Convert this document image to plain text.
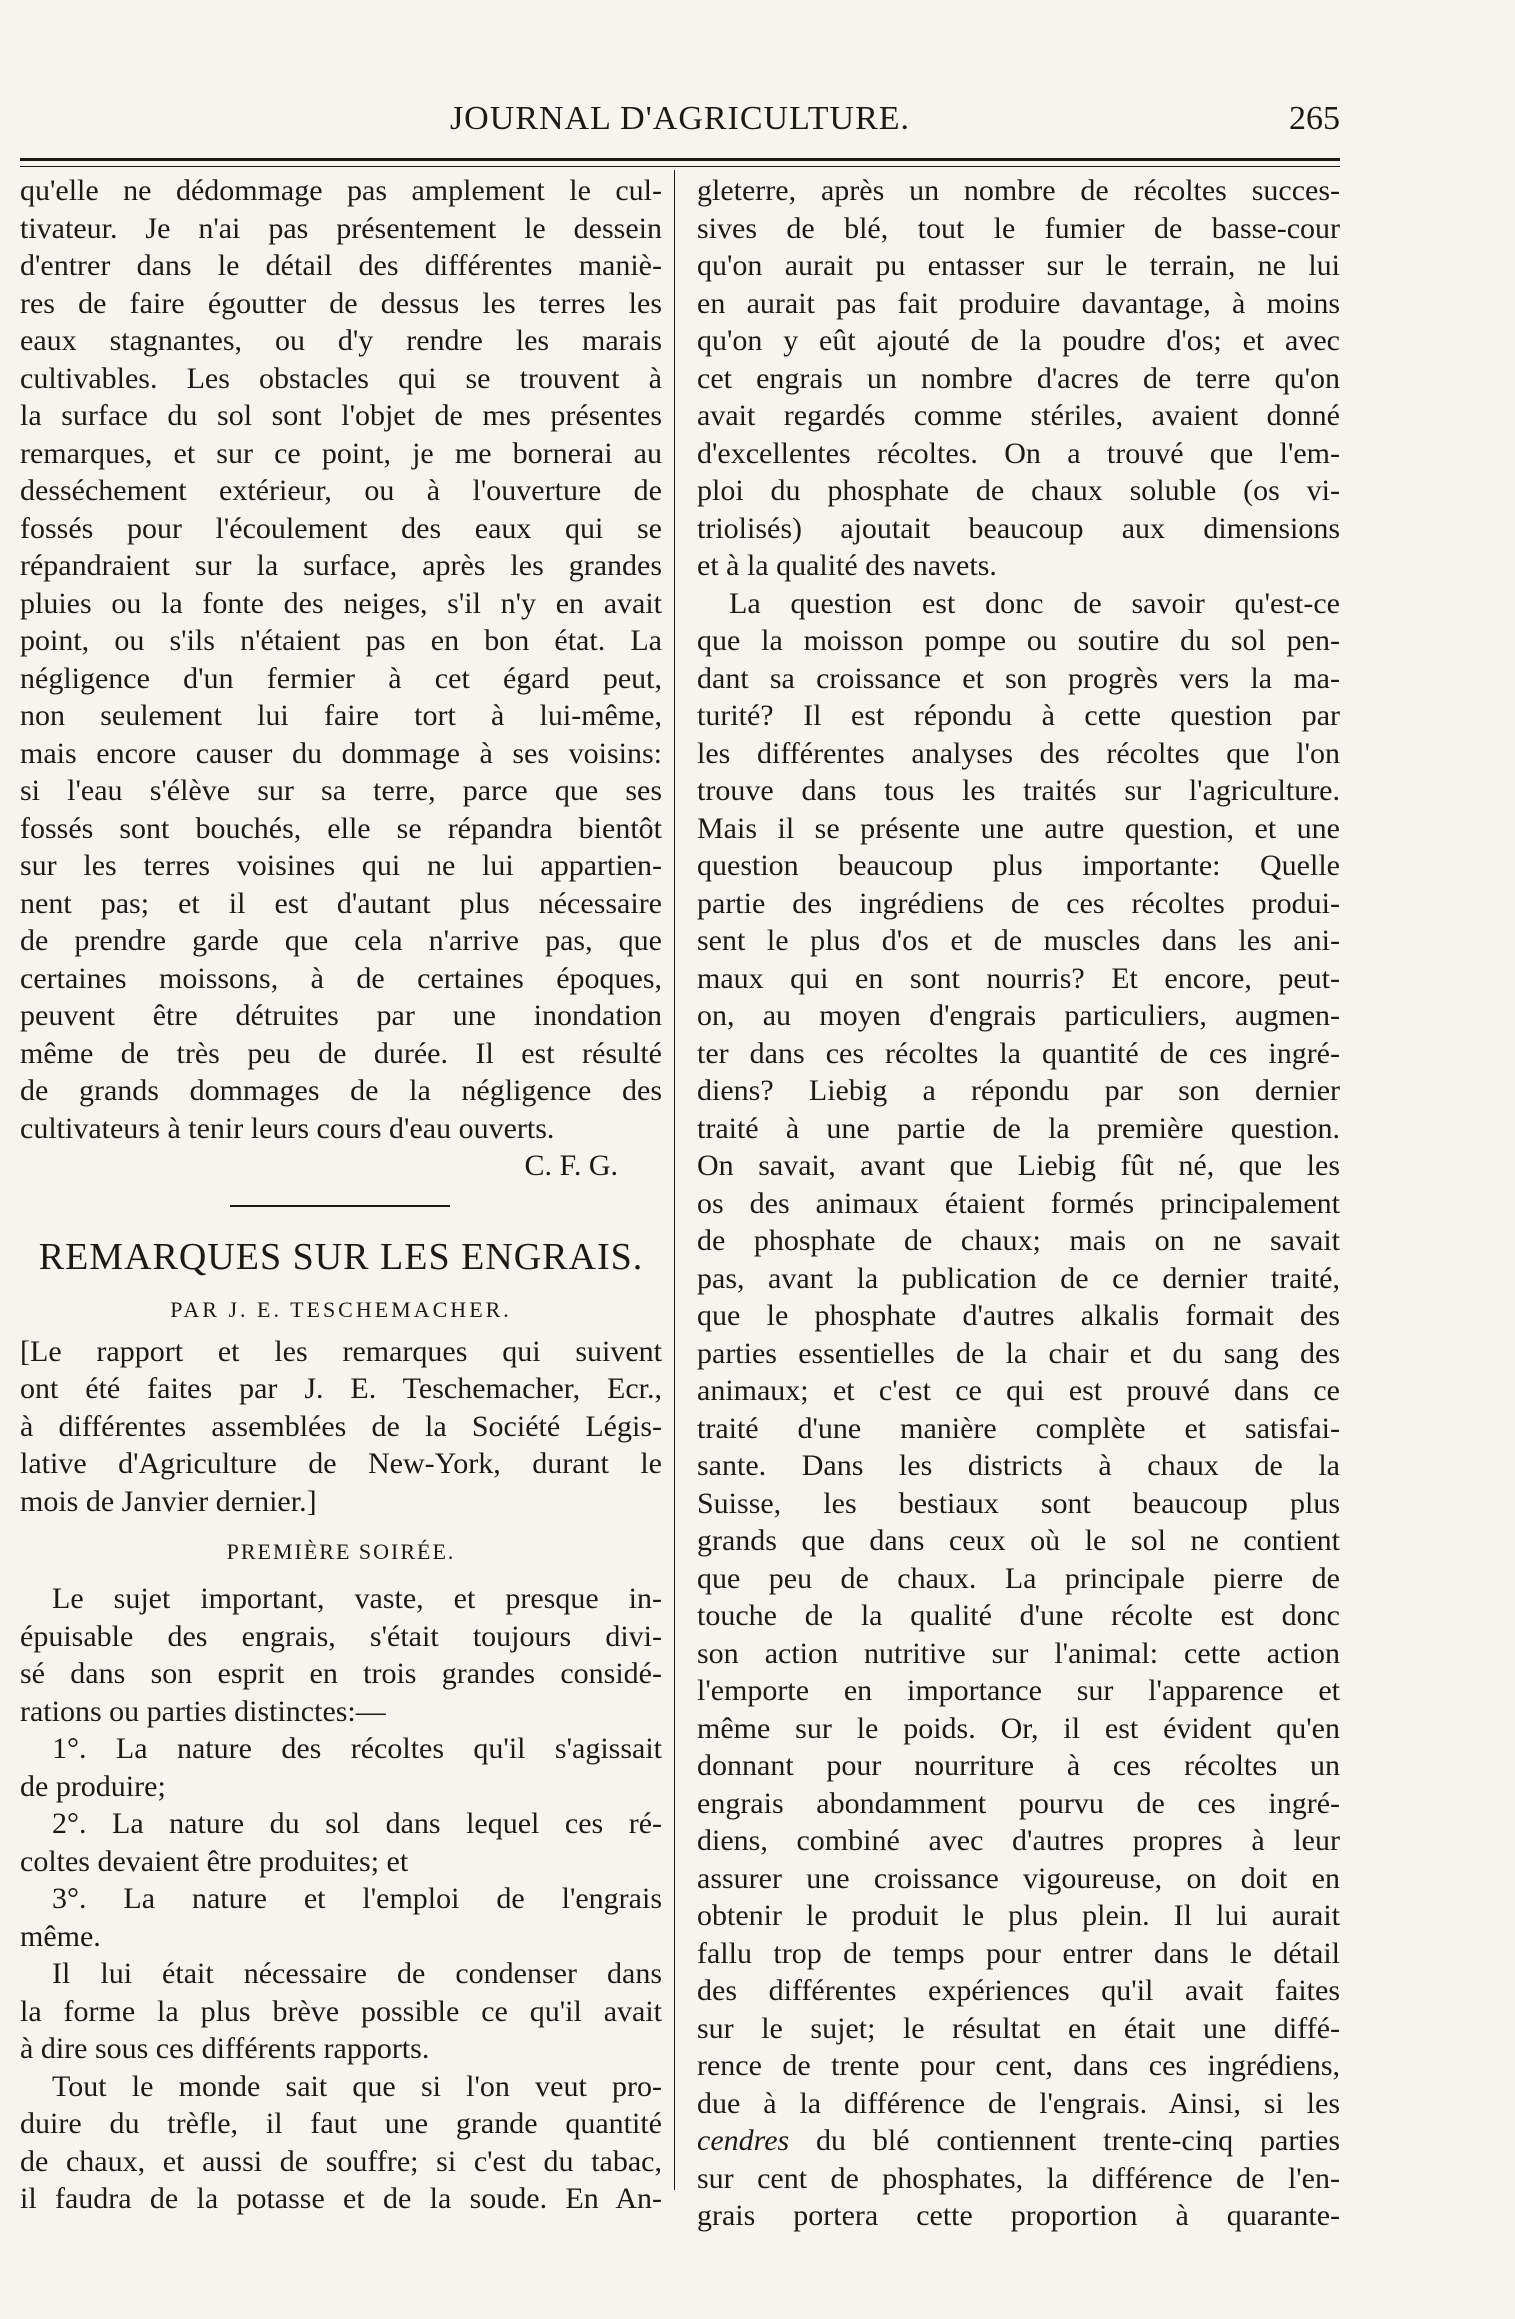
JOURNAL D'AGRICULTURE.	265
qu'elle ne dédommage pas amplement le cul-
tivateur. Je n'ai pas présentement le dessein
d'entrer dans le détail des différentes maniè-
res de faire égoutter de dessus les terres les
eaux stagnantes, ou d'y rendre les marais
cultivables. Les obstacles qui se trouvent à
la surface du sol sont l'objet de mes présentes
remarques, et sur ce point, je me bornerai au
desséchement extérieur, ou à l'ouverture de
fossés pour l'écoulement des eaux qui se
répandraient sur la surface, après les grandes
pluies ou la fonte des neiges, s'il n'y en avait
point, ou s'ils n'étaient pas en bon état. La
négligence d'un fermier à cet égard peut,
non seulement lui faire tort à lui-même,
mais encore causer du dommage à ses voisins:
si l'eau s'élève sur sa terre, parce que ses
fossés sont bouchés, elle se répandra bientôt
sur les terres voisines qui ne lui appartien-
nent pas; et il est d'autant plus nécessaire
de prendre garde que cela n'arrive pas, que
certaines moissons, à de certaines époques,
peuvent être détruites par une inondation
même de très peu de durée. Il est résulté
de grands dommages de la négligence des
cultivateurs à tenir leurs cours d'eau ouverts.
C. F. G.
REMARQUES SUR LES ENGRAIS.
PAR J. E. TESCHEMACHER.
[Le rapport et les remarques qui suivent
ont été faites par J. E. Teschemacher, Ecr.,
à différentes assemblées de la Société Légis-
lative d'Agriculture de New-York, durant le
mois de Janvier dernier.]
PREMIÈRE SOIRÉE.
Le sujet important, vaste, et presque in-
épuisable des engrais, s'était toujours divi-
sé dans son esprit en trois grandes considé-
rations ou parties distinctes:—
1°. La nature des récoltes qu'il s'agissait
de produire;
2°. La nature du sol dans lequel ces ré-
coltes devaient être produites; et
3°. La nature et l'emploi de l'engrais
même.
Il lui était nécessaire de condenser dans
la forme la plus brève possible ce qu'il avait
à dire sous ces différents rapports.
Tout le monde sait que si l'on veut pro-
duire du trèfle, il faut une grande quantité
de chaux, et aussi de souffre; si c'est du tabac,
il faudra de la potasse et de la soude. En An-
gleterre, après un nombre de récoltes succes-
sives de blé, tout le fumier de basse-cour
qu'on aurait pu entasser sur le terrain, ne lui
en aurait pas fait produire davantage, à moins
qu'on y eût ajouté de la poudre d'os; et avec
cet engrais un nombre d'acres de terre qu'on
avait regardés comme stériles, avaient donné
d'excellentes récoltes. On a trouvé que l'em-
ploi du phosphate de chaux soluble (os vi-
triolisés) ajoutait beaucoup aux dimensions
et à la qualité des navets.
La question est donc de savoir qu'est-ce
que la moisson pompe ou soutire du sol pen-
dant sa croissance et son progrès vers la ma-
turité? Il est répondu à cette question par
les différentes analyses des récoltes que l'on
trouve dans tous les traités sur l'agriculture.
Mais il se présente une autre question, et une
question beaucoup plus importante: Quelle
partie des ingrédiens de ces récoltes produi-
sent le plus d'os et de muscles dans les ani-
maux qui en sont nourris? Et encore, peut-
on, au moyen d'engrais particuliers, augmen-
ter dans ces récoltes la quantité de ces ingré-
diens? Liebig a répondu par son dernier
traité à une partie de la première question.
On savait, avant que Liebig fût né, que les
os des animaux étaient formés principalement
de phosphate de chaux; mais on ne savait
pas, avant la publication de ce dernier traité,
que le phosphate d'autres alkalis formait des
parties essentielles de la chair et du sang des
animaux; et c'est ce qui est prouvé dans ce
traité d'une manière complète et satisfai-
sante. Dans les districts à chaux de la
Suisse, les bestiaux sont beaucoup plus
grands que dans ceux où le sol ne contient
que peu de chaux. La principale pierre de
touche de la qualité d'une récolte est donc
son action nutritive sur l'animal: cette action
l'emporte en importance sur l'apparence et
même sur le poids. Or, il est évident qu'en
donnant pour nourriture à ces récoltes un
engrais abondamment pourvu de ces ingré-
diens, combiné avec d'autres propres à leur
assurer une croissance vigoureuse, on doit en
obtenir le produit le plus plein. Il lui aurait
fallu trop de temps pour entrer dans le détail
des différentes expériences qu'il avait faites
sur le sujet; le résultat en était une diffé-
rence de trente pour cent, dans ces ingrédiens,
due à la différence de l'engrais. Ainsi, si les
cendres du blé contiennent trente-cinq parties
sur cent de phosphates, la différence de l'en-
grais portera cette proportion à quarante-
